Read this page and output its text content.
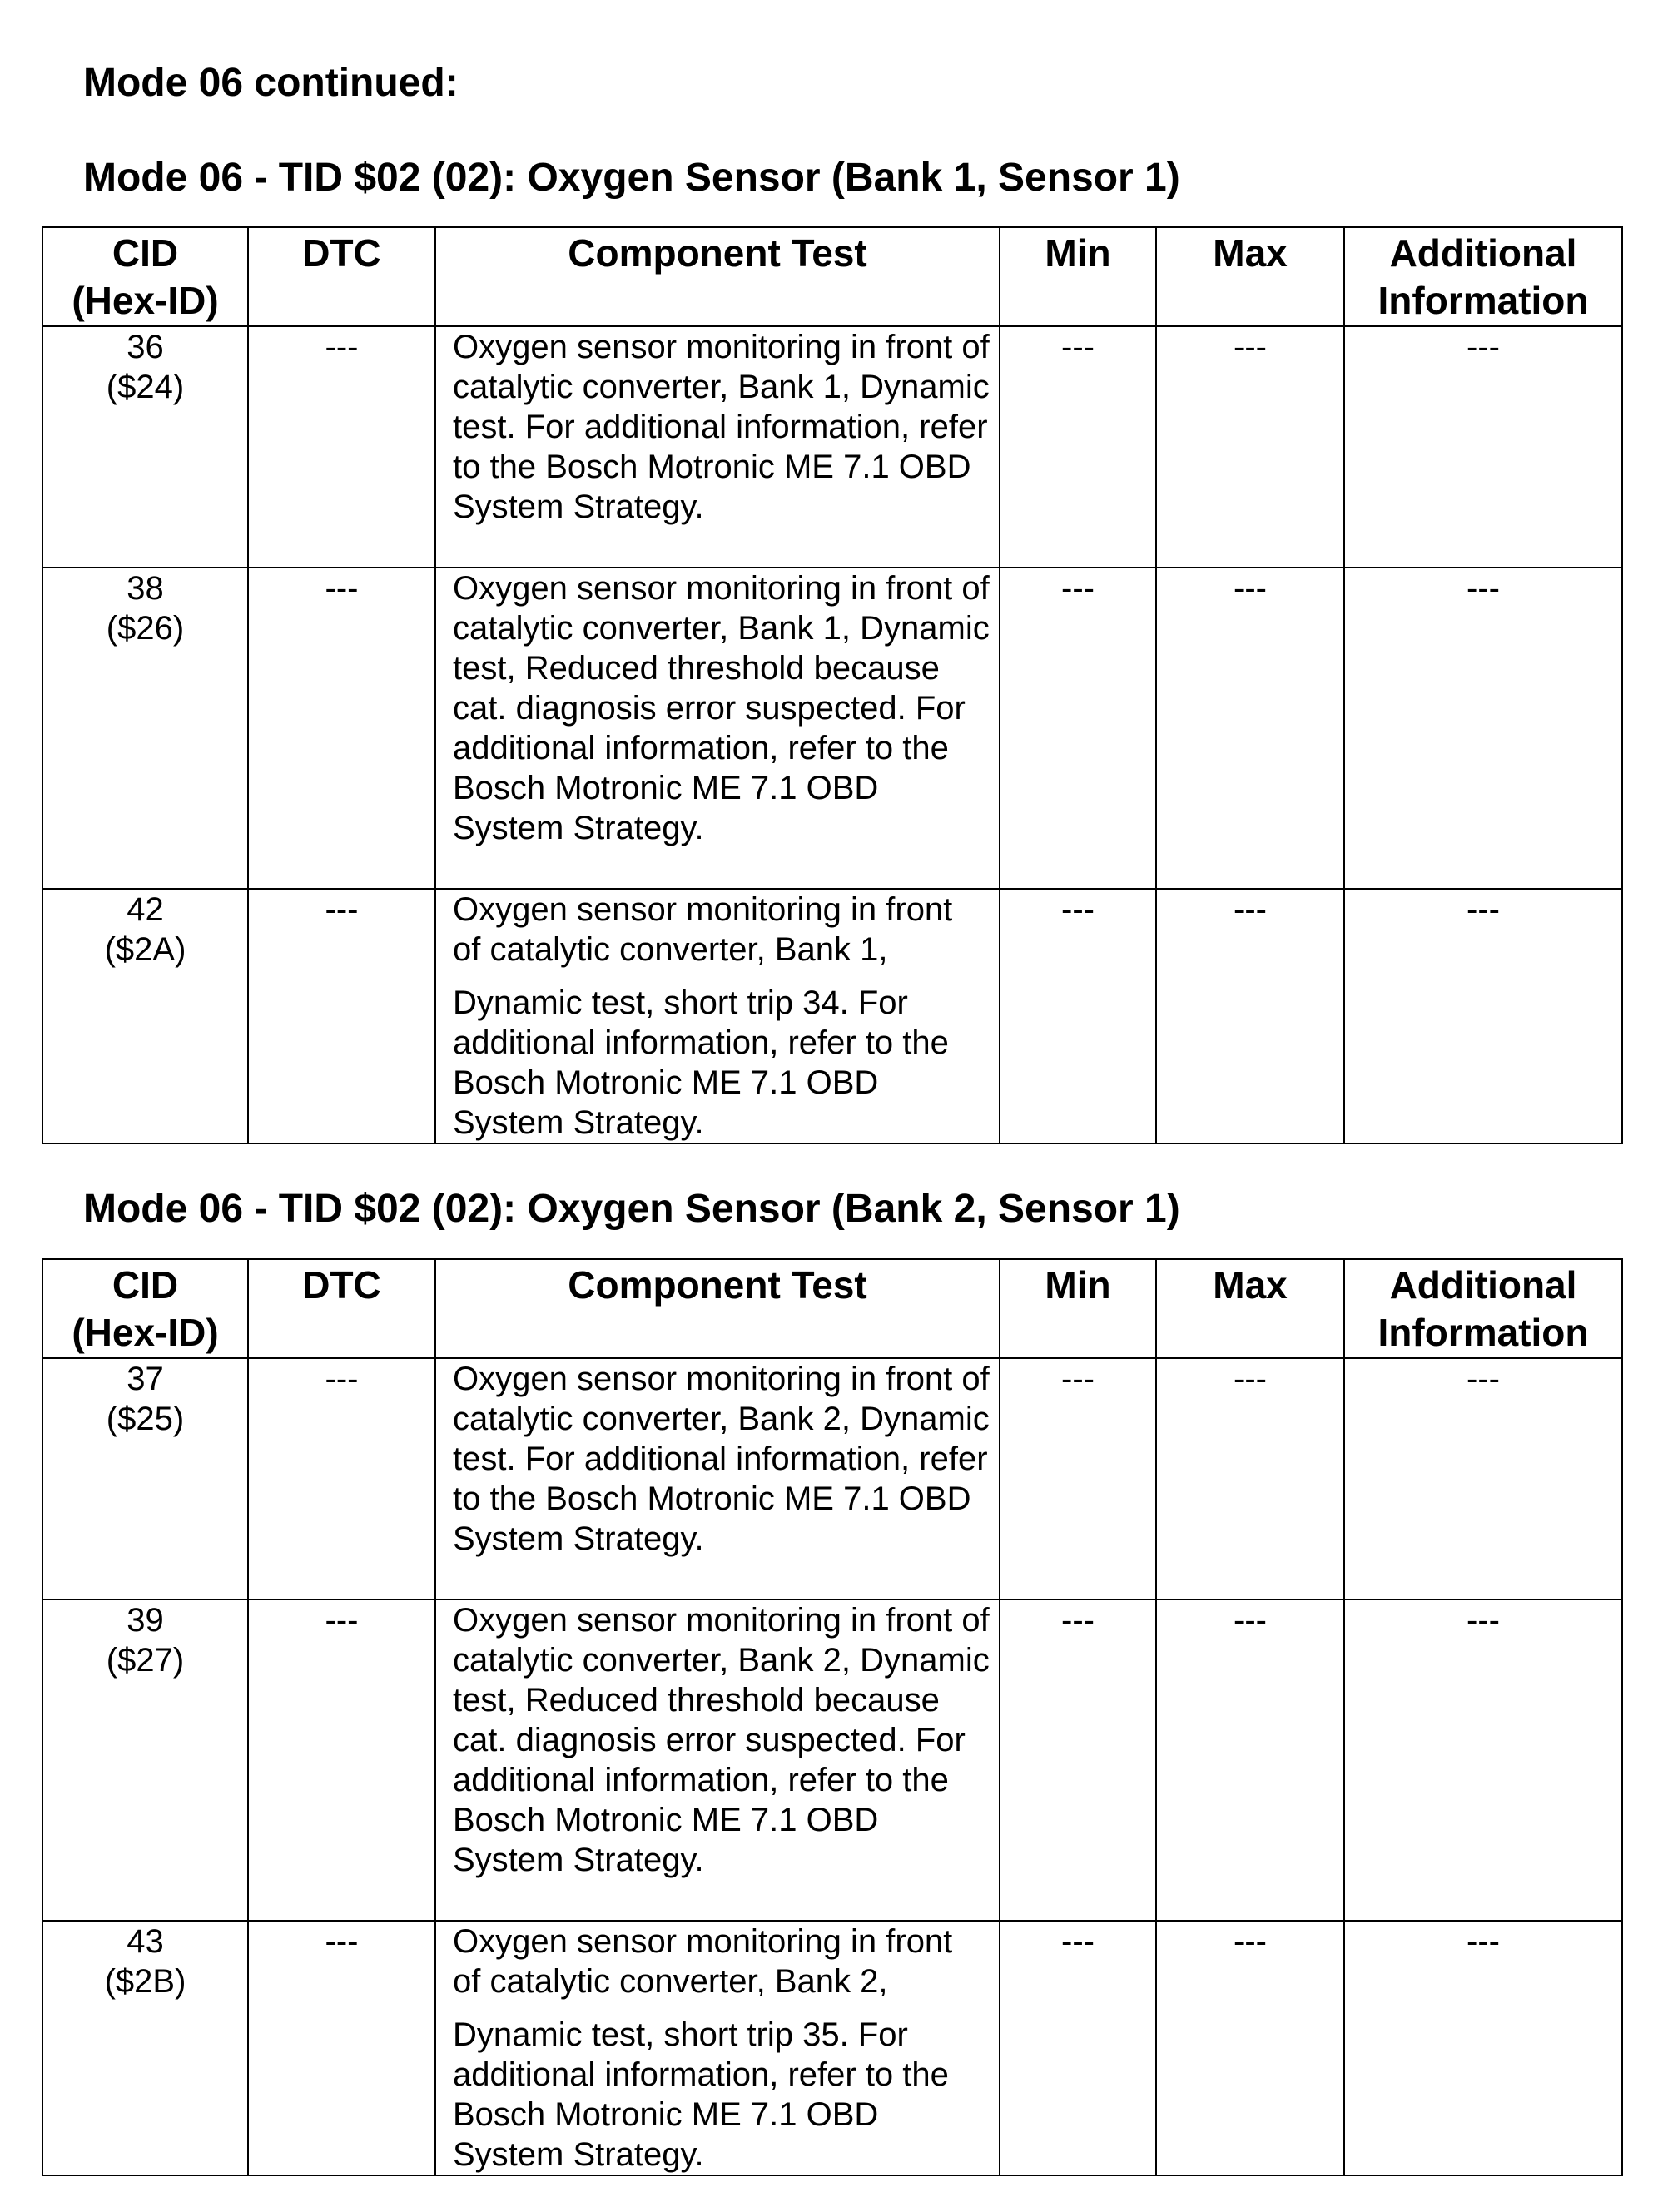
Mode 06 continued:
Mode 06 - TID $02 (02): Oxygen Sensor (Bank 1, Sensor 1)
CID
(Hex-ID)	DTC	Component Test	Min	Max	Additional
Information

36
($24)	---	Oxygen sensor monitoring in front of catalytic converter, Bank 1, Dynamic test. For additional information, refer to the Bosch Motronic ME 7.1 OBD System Strategy.	---	---	---

38
($26)	---	Oxygen sensor monitoring in front of catalytic converter, Bank 1, Dynamic test, Reduced threshold because cat. diagnosis error suspected. For additional information, refer to the Bosch Motronic ME 7.1 OBD System Strategy.	---	---	---

42
($2A)	---	Oxygen sensor monitoring in front
of catalytic converter, Bank 1,
Dynamic test, short trip 34. For additional information, refer to the Bosch Motronic ME 7.1 OBD System Strategy.	---	---	---
Mode 06 - TID $02 (02): Oxygen Sensor (Bank 2, Sensor 1)
CID
(Hex-ID)	DTC	Component Test	Min	Max	Additional
Information

37
($25)	---	Oxygen sensor monitoring in front of catalytic converter, Bank 2, Dynamic test. For additional information, refer to the Bosch Motronic ME 7.1 OBD System Strategy.	---	---	---

39
($27)	---	Oxygen sensor monitoring in front of catalytic converter, Bank 2, Dynamic test, Reduced threshold because cat. diagnosis error suspected. For additional information, refer to the Bosch Motronic ME 7.1 OBD System Strategy.	---	---	---

43
($2B)	---	Oxygen sensor monitoring in front
of catalytic converter, Bank 2,
Dynamic test, short trip 35. For additional information, refer to the Bosch Motronic ME 7.1 OBD System Strategy.	---	---	---
